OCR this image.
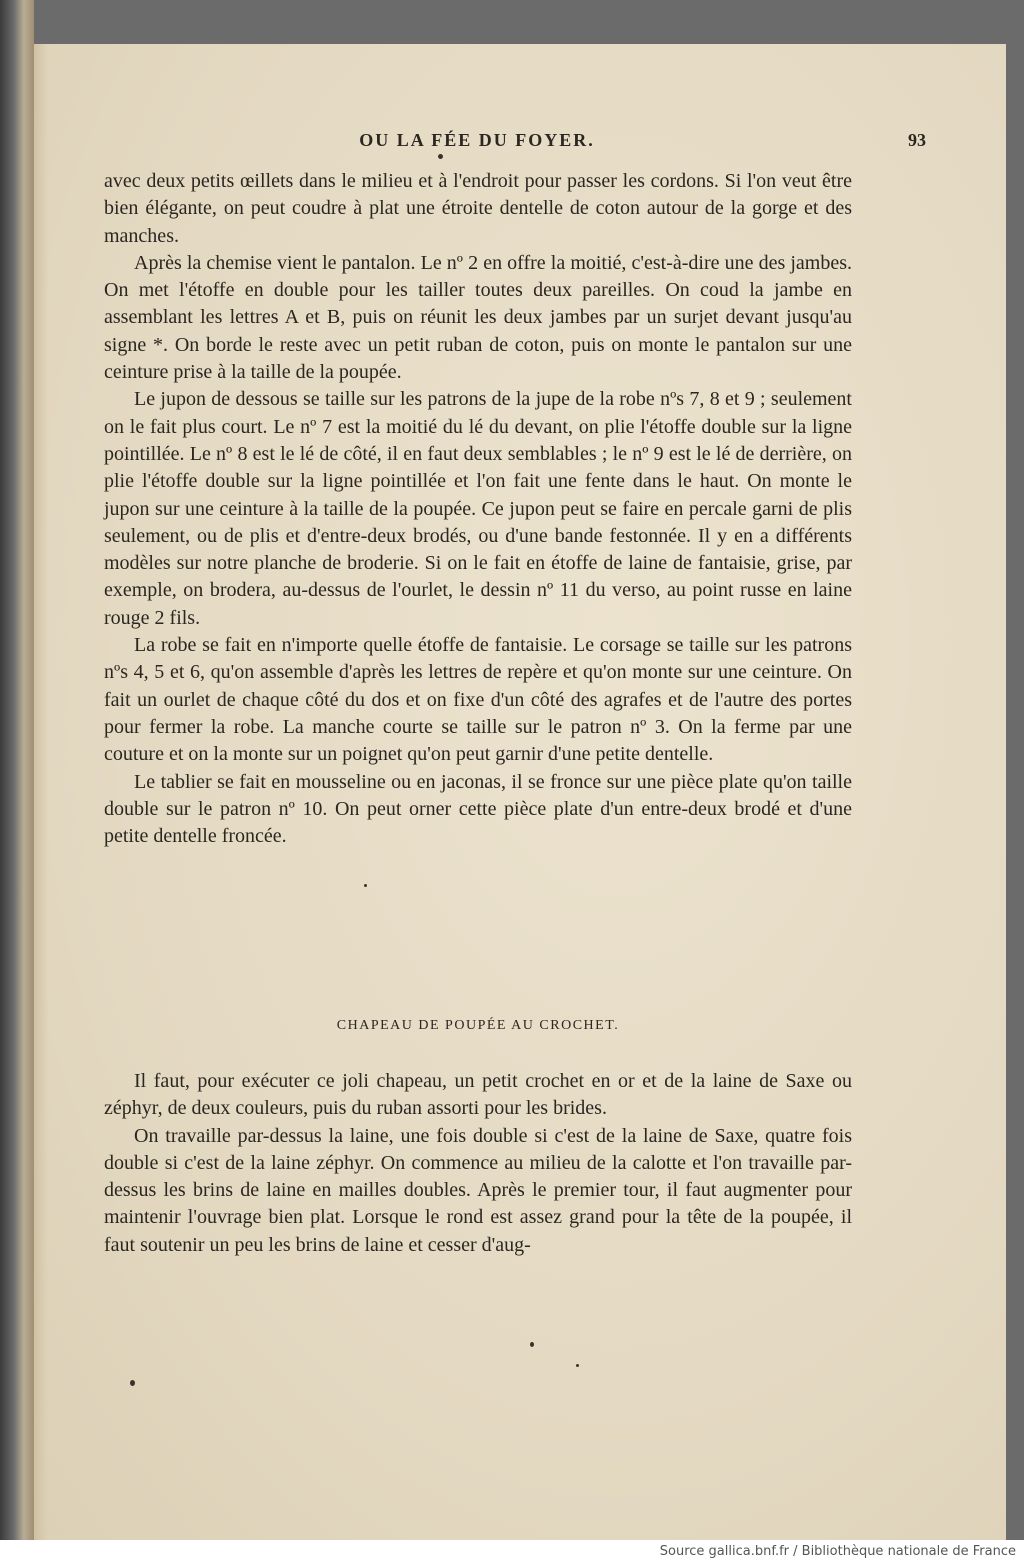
OU LA FÉE DU FOYER.	93

avec deux petits œillets dans le milieu et à l'endroit pour passer les cordons. Si l'on veut être bien élégante, on peut coudre à plat une étroite dentelle de coton autour de la gorge et des manches.

Après la chemise vient le pantalon. Le nº 2 en offre la moitié, c'est-à-dire une des jambes. On met l'étoffe en double pour les tailler toutes deux pareilles. On coud la jambe en assemblant les lettres A et B, puis on réunit les deux jambes par un surjet devant jusqu'au signe *. On borde le reste avec un petit ruban de coton, puis on monte le pantalon sur une ceinture prise à la taille de la poupée.

Le jupon de dessous se taille sur les patrons de la jupe de la robe nºs 7, 8 et 9 ; seulement on le fait plus court. Le nº 7 est la moitié du lé du devant, on plie l'étoffe double sur la ligne pointillée. Le nº 8 est le lé de côté, il en faut deux semblables ; le nº 9 est le lé de derrière, on plie l'étoffe double sur la ligne pointillée et l'on fait une fente dans le haut. On monte le jupon sur une ceinture à la taille de la poupée. Ce jupon peut se faire en percale garni de plis seulement, ou de plis et d'entre-deux brodés, ou d'une bande festonnée. Il y en a différents modèles sur notre planche de broderie. Si on le fait en étoffe de laine de fantaisie, grise, par exemple, on brodera, au-dessus de l'ourlet, le dessin nº 11 du verso, au point russe en laine rouge 2 fils.

La robe se fait en n'importe quelle étoffe de fantaisie. Le corsage se taille sur les patrons nºs 4, 5 et 6, qu'on assemble d'après les lettres de repère et qu'on monte sur une ceinture. On fait un ourlet de chaque côté du dos et on fixe d'un côté des agrafes et de l'autre des portes pour fermer la robe. La manche courte se taille sur le patron nº 3. On la ferme par une couture et on la monte sur un poignet qu'on peut garnir d'une petite dentelle.

Le tablier se fait en mousseline ou en jaconas, il se fronce sur une pièce plate qu'on taille double sur le patron nº 10. On peut orner cette pièce plate d'un entre-deux brodé et d'une petite dentelle froncée.

CHAPEAU DE POUPÉE AU CROCHET.

Il faut, pour exécuter ce joli chapeau, un petit crochet en or et de la laine de Saxe ou zéphyr, de deux couleurs, puis du ruban assorti pour les brides.

On travaille par-dessus la laine, une fois double si c'est de la laine de Saxe, quatre fois double si c'est de la laine zéphyr. On commence au milieu de la calotte et l'on travaille par-dessus les brins de laine en mailles doubles. Après le premier tour, il faut augmenter pour maintenir l'ouvrage bien plat. Lorsque le rond est assez grand pour la tête de la poupée, il faut soutenir un peu les brins de laine et cesser d'aug-

Source gallica.bnf.fr / Bibliothèque nationale de France
